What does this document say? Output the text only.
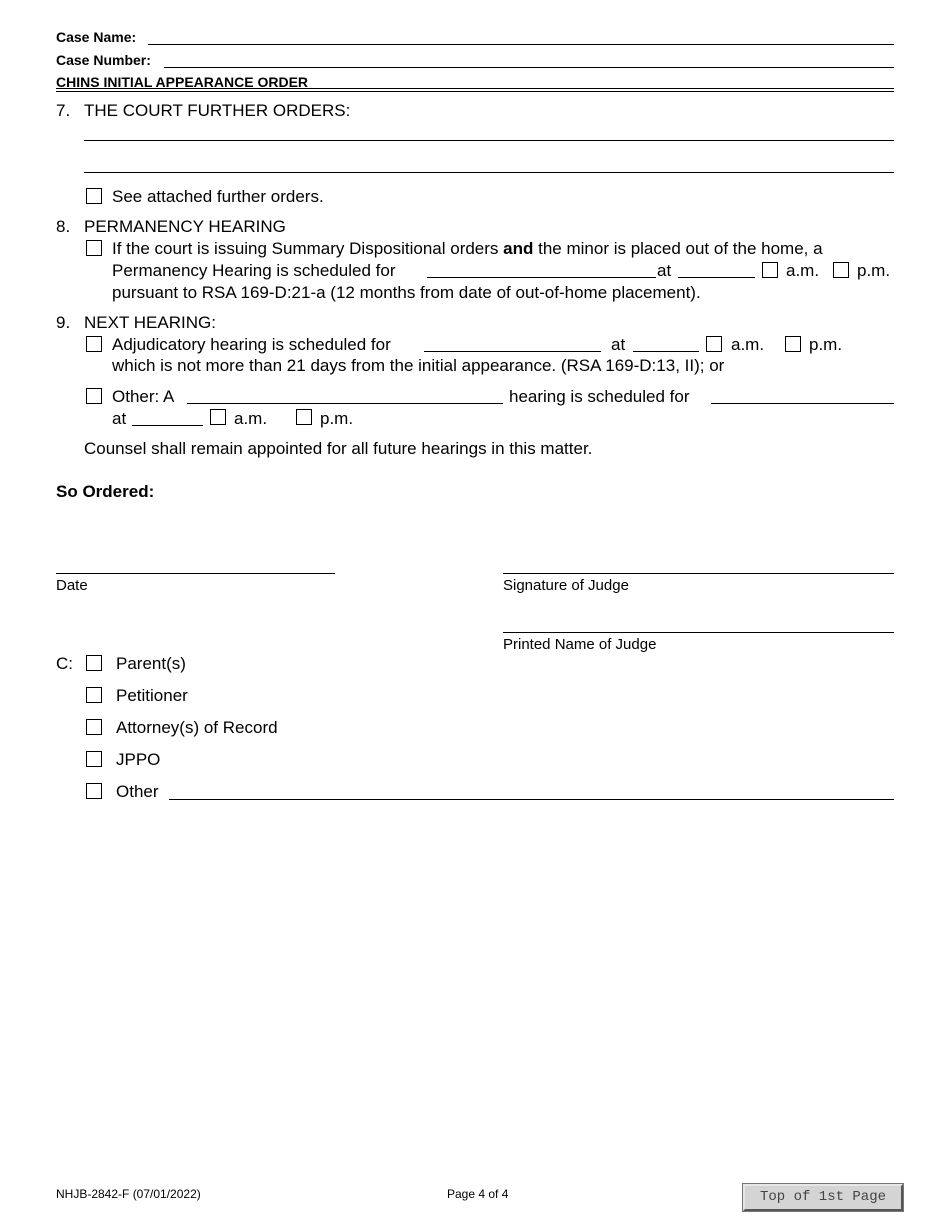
Case Name:
Case Number:
CHINS INITIAL APPEARANCE ORDER
7. THE COURT FURTHER ORDERS:
See attached further orders.
8. PERMANENCY HEARING
If the court is issuing Summary Dispositional orders and the minor is placed out of the home, a
Permanency Hearing is scheduled for	at	a.m. p.m.
pursuant to RSA 169-D:21-a (12 months from date of out-of-home placement).
9. NEXT HEARING:
Adjudicatory hearing is scheduled for	at	a.m.	p.m.
which is not more than 21 days from the initial appearance. (RSA 169-D:13, II); or
Other: A	hearing is scheduled for
at	a.m.	p.m.
Counsel shall remain appointed for all future hearings in this matter.
So Ordered:
Date	Signature of Judge
Printed Name of Judge
C:	Parent(s)
Petitioner
Attorney(s) of Record
JPPO
Other
NHJB-2842-F (07/01/2022)	Page 4 of 4	Top of 1st Page
